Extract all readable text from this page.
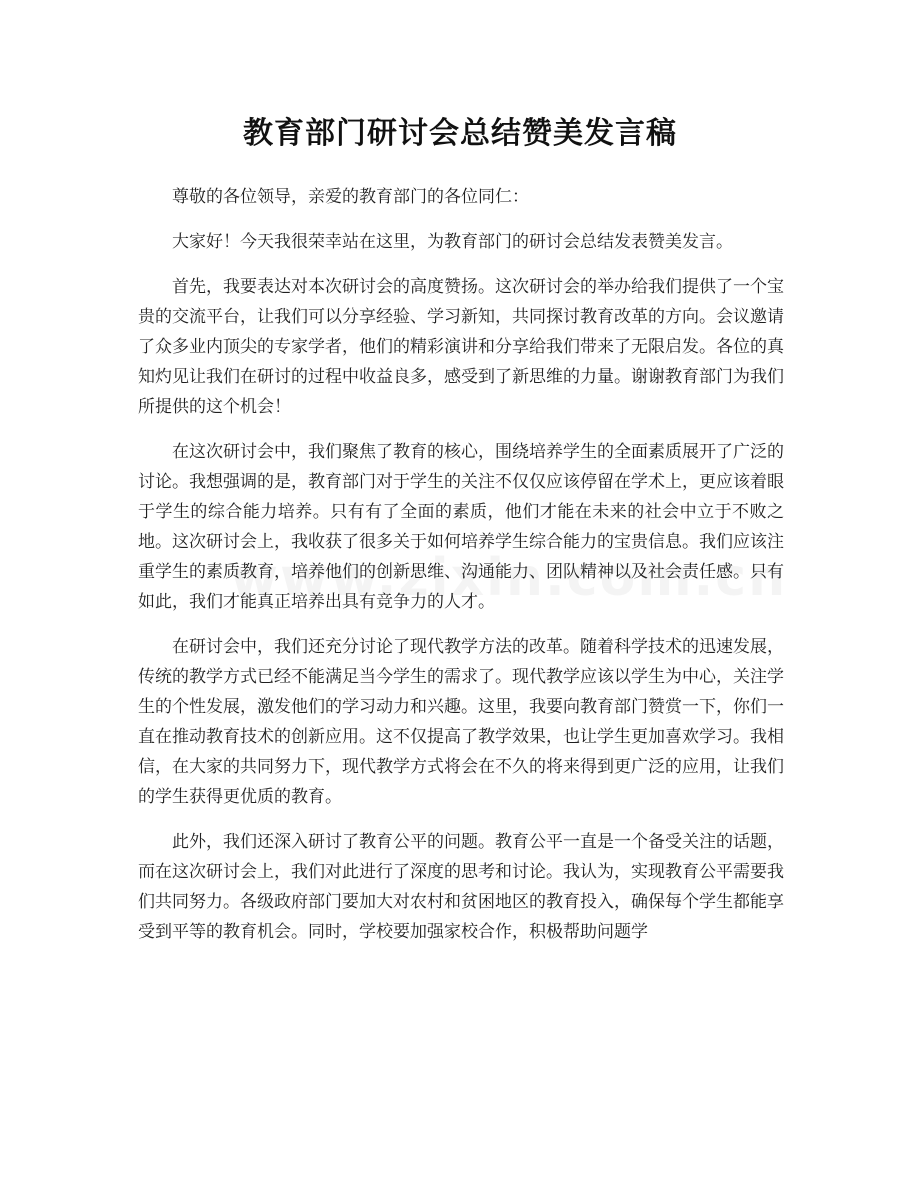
教育部门研讨会总结赞美发言稿

尊敬的各位领导，亲爱的教育部门的各位同仁：

大家好！今天我很荣幸站在这里，为教育部门的研讨会总结发表赞美发言。

首先，我要表达对本次研讨会的高度赞扬。这次研讨会的举办给我们提供了一个宝贵的交流平台，让我们可以分享经验、学习新知，共同探讨教育改革的方向。会议邀请了众多业内顶尖的专家学者，他们的精彩演讲和分享给我们带来了无限启发。各位的真知灼见让我们在研讨的过程中收益良多，感受到了新思维的力量。谢谢教育部门为我们所提供的这个机会！

在这次研讨会中，我们聚焦了教育的核心，围绕培养学生的全面素质展开了广泛的讨论。我想强调的是，教育部门对于学生的关注不仅仅应该停留在学术上，更应该着眼于学生的综合能力培养。只有有了全面的素质，他们才能在未来的社会中立于不败之地。这次研讨会上，我收获了很多关于如何培养学生综合能力的宝贵信息。我们应该注重学生的素质教育，培养他们的创新思维、沟通能力、团队精神以及社会责任感。只有如此，我们才能真正培养出具有竞争力的人才。

在研讨会中，我们还充分讨论了现代教学方法的改革。随着科学技术的迅速发展，传统的教学方式已经不能满足当今学生的需求了。现代教学应该以学生为中心，关注学生的个性发展，激发他们的学习动力和兴趣。这里，我要向教育部门赞赏一下，你们一直在推动教育技术的创新应用。这不仅提高了教学效果，也让学生更加喜欢学习。我相信，在大家的共同努力下，现代教学方式将会在不久的将来得到更广泛的应用，让我们的学生获得更优质的教育。

此外，我们还深入研讨了教育公平的问题。教育公平一直是一个备受关注的话题，而在这次研讨会上，我们对此进行了深度的思考和讨论。我认为，实现教育公平需要我们共同努力。各级政府部门要加大对农村和贫困地区的教育投入，确保每个学生都能享受到平等的教育机会。同时，学校要加强家校合作，积极帮助问题学
